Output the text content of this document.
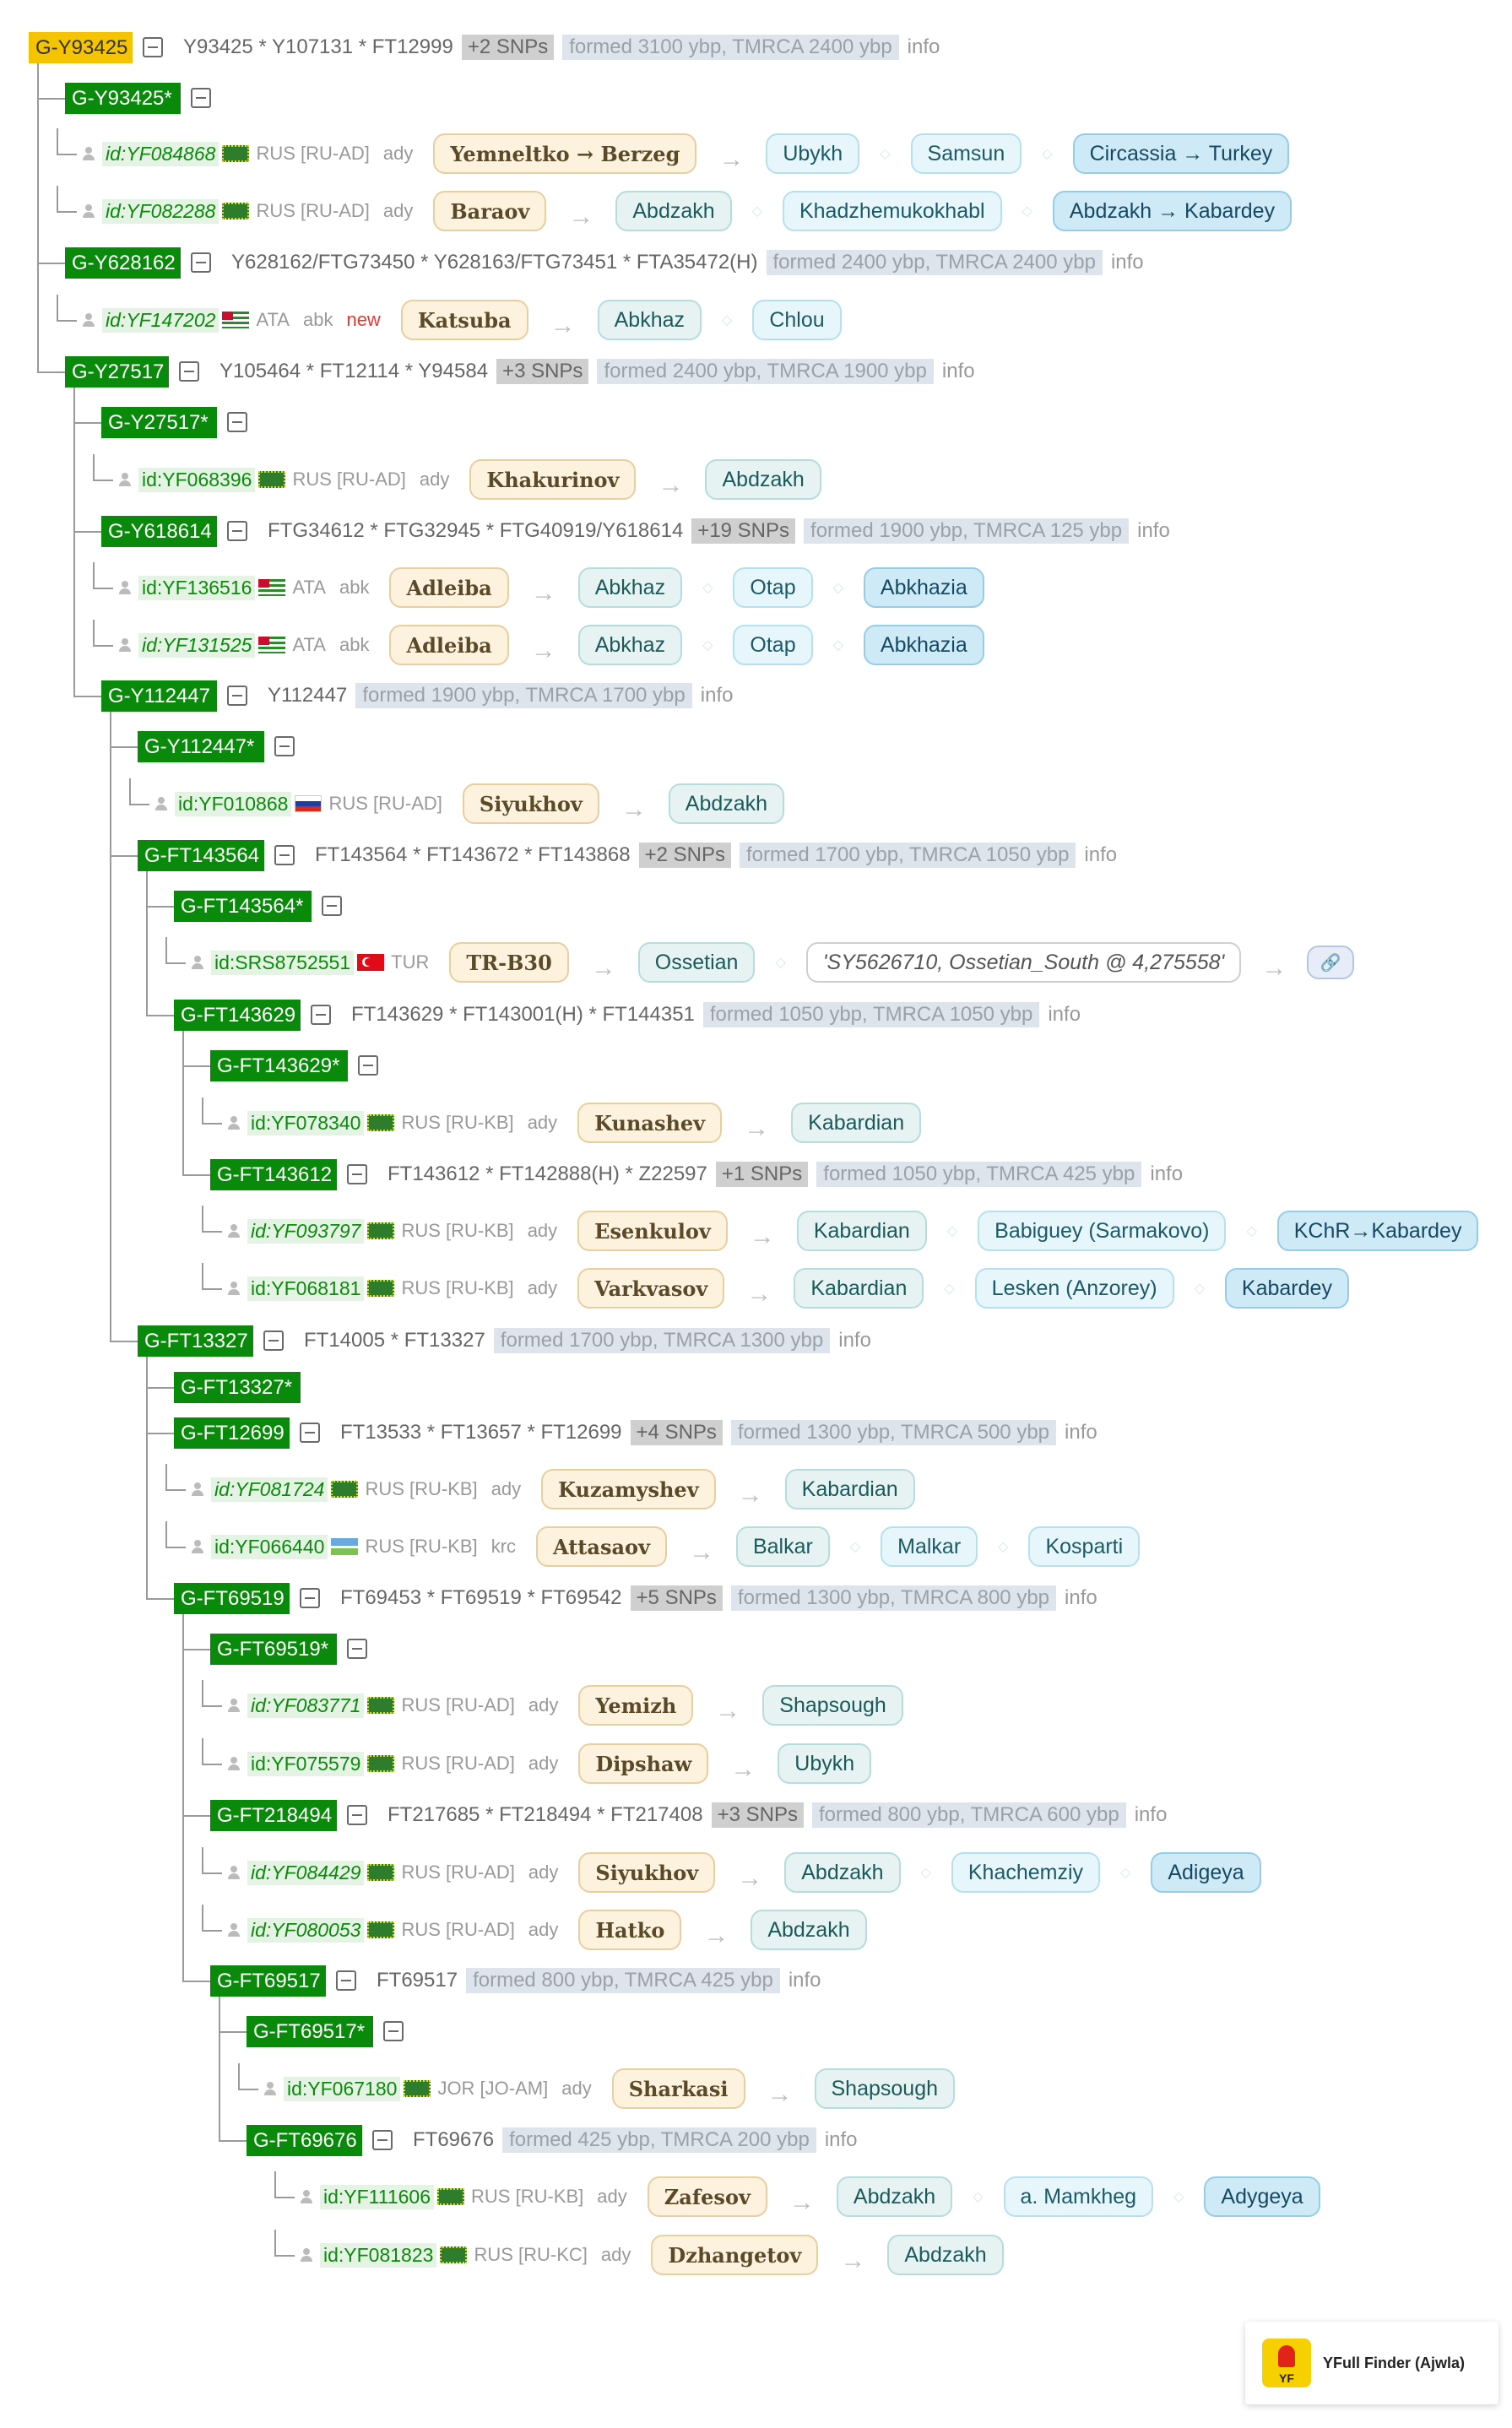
G-Y93425	Y93425 * Y107131 * FT12999 +2 SNPs	formed 3100 ybp, TMRCA 2400 ybp info
G-Y93425*
G-Y628162	Y628162/FTG73450 * Y628163/FTG73451 * FTA35472(H) formed 2400 ybp, TMRCA 2400 ybp info
G-Y27517	Y105464 * FT12114 * Y94584 +3 SNPs	formed 2400 ybp, TMRCA 1900 ybp info
G-Y27517*
G-Y618614	FTG34612 * FTG32945 * FTG40919/Y618614 +19 SNPs	formed 1900 ybp, TMRCA 125 ybp info
G-Y112447	Y112447 formed 1900 ybp, TMRCA 1700 ybp info
G-Y112447*
G-FT143564	FT143564 * FT143672 * FT143868 +2 SNPs	formed 1700 ybp, TMRCA 1050 ybp info
G-FT143564*
G-FT143629	FT143629 * FT143001(H) * FT144351 formed 1050 ybp, TMRCA 1050 ybp info
G-FT143629*
G-FT143612	FT143612 * FT142888(H) * Z22597 +1 SNPs	formed 1050 ybp, TMRCA 425 ybp info
G-FT13327	FT14005 * FT13327 formed 1700 ybp, TMRCA 1300 ybp info
G-FT13327*
G-FT12699	FT13533 * FT13657 * FT12699 +4 SNPs	formed 1300 ybp, TMRCA 500 ybp info
G-FT69519	FT69453 * FT69519 * FT69542 +5 SNPs	formed 1300 ybp, TMRCA 800 ybp info
G-FT69519*
G-FT218494	FT217685 * FT218494 * FT217408 +3 SNPs	formed 800 ybp, TMRCA 600 ybp info
G-FT69517	FT69517 formed 800 ybp, TMRCA 425 ybp info
G-FT69517*
G-FT69676	FT69676 formed 425 ybp, TMRCA 200 ybp info
id:YF084868 RUS [RU-AD] ady	Yemneltko → Berzeg	→	Ubykh	◇	Samsun	◇	Circassia → Turkey
id:YF082288 RUS [RU-AD] ady	Baraov	→	Abdzakh	◇	Khadzhemukokhabl	◇	Abdzakh → Kabardey
id:YF147202 ATA abk new	Katsuba	→	Abkhaz	◇	Chlou
id:YF068396 RUS [RU-AD] ady	Khakurinov	→	Abdzakh
id:YF136516 ATA abk	Adleiba	→	Abkhaz	◇	Otap	◇	Abkhazia
id:YF131525 ATA abk	Adleiba	→	Abkhaz	◇	Otap	◇	Abkhazia
id:YF010868 RUS [RU-AD]	Siyukhov	→	Abdzakh
id:SRS8752551 TUR	TR-B30	→	Ossetian	◇	'SY5626710, Ossetian_South @ 4,275558'	→	🔗
id:YF078340 RUS [RU-KB] ady	Kunashev	→	Kabardian
id:YF093797 RUS [RU-KB] ady	Esenkulov	→	Kabardian	◇	Babiguey (Sarmakovo)	◇	KChR→Kabardey
id:YF068181 RUS [RU-KB] ady	Varkvasov	→	Kabardian	◇	Lesken (Anzorey)	◇	Kabardey
id:YF081724 RUS [RU-KB] ady	Kuzamyshev	→	Kabardian
id:YF066440 RUS [RU-KB] krc	Attasaov	→	Balkar	◇	Malkar	◇	Kosparti
id:YF083771 RUS [RU-AD] ady	Yemizh	→	Shapsough
id:YF075579 RUS [RU-AD] ady	Dipshaw	→	Ubykh
id:YF084429 RUS [RU-AD] ady	Siyukhov	→	Abdzakh	◇	Khachemziy	◇	Adigeya
id:YF080053 RUS [RU-AD] ady	Hatko	→	Abdzakh
id:YF067180 JOR [JO-AM] ady	Sharkasi	→	Shapsough
id:YF111606 RUS [RU-KB] ady	Zafesov	→	Abdzakh	◇	a. Mamkheg	◇	Adygeya
id:YF081823 RUS [RU-KC] ady	Dzhangetov	→	Abdzakh
YF
YFull Finder (Ajwla)
